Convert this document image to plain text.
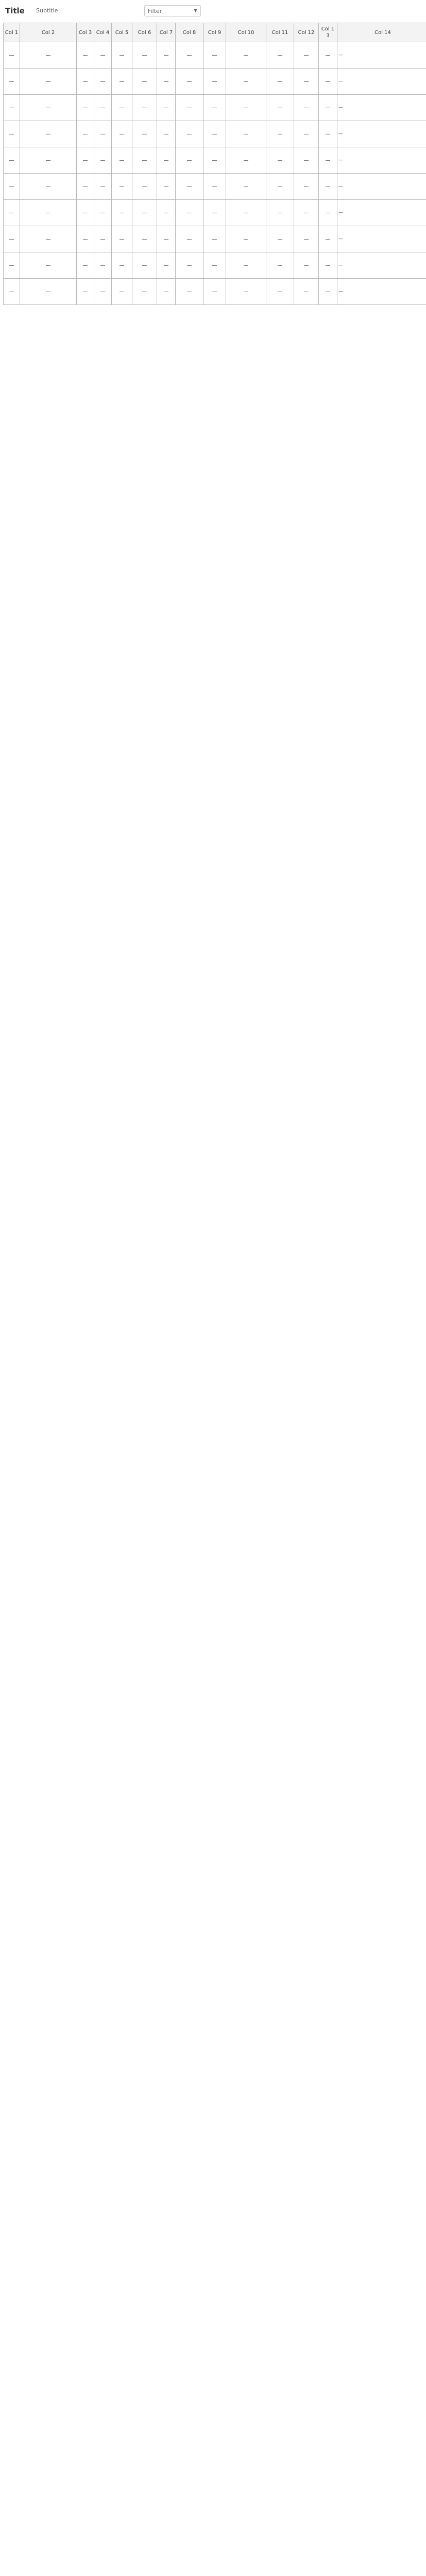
Title Subtitle	Filter	▼
Col 1	Col 2	Col 3	Col 4	Col 5	Col 6	Col 7	Col 8	Col 9	Col 10	Col 11	Col 12	Col 13	Col 14
—	—	—	—	—	—	—	—	—	—	—	—	—	—
—	—	—	—	—	—	—	—	—	—	—	—	—	—
—	—	—	—	—	—	—	—	—	—	—	—	—	—
—	—	—	—	—	—	—	—	—	—	—	—	—	—
—	—	—	—	—	—	—	—	—	—	—	—	—	—
—	—	—	—	—	—	—	—	—	—	—	—	—	—
—	—	—	—	—	—	—	—	—	—	—	—	—	—
—	—	—	—	—	—	—	—	—	—	—	—	—	—
—	—	—	—	—	—	—	—	—	—	—	—	—	—
—	—	—	—	—	—	—	—	—	—	—	—	—	—
